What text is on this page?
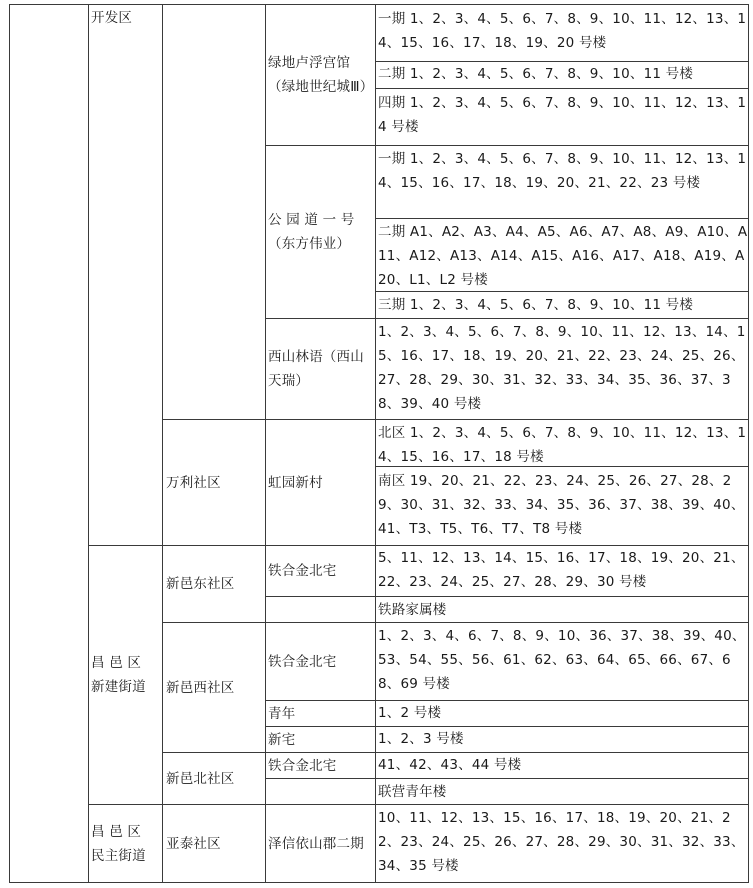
开发区
昌 邑 区
新建街道
昌 邑 区
民主街道
万利社区
新邑东社区
新邑西社区
新邑北社区
亚泰社区
绿地卢浮宫馆（绿地世纪城Ⅲ）
公 园 道 一 号（东方伟业）
西山林语（西山天瑞）
虹园新村
铁合金北宅
铁合金北宅
青年
新宅
铁合金北宅
泽信依山郡二期
一期 1、2、3、4、5、6、7、8、9、10、11、12、13、14、15、16、17、18、19、20 号楼
二期 1、2、3、4、5、6、7、8、9、10、11 号楼
四期 1、2、3、4、5、6、7、8、9、10、11、12、13、14 号楼
一期 1、2、3、4、5、6、7、8、9、10、11、12、13、14、15、16、17、18、19、20、21、22、23 号楼
二期 A1、A2、A3、A4、A5、A6、A7、A8、A9、A10、A11、A12、A13、A14、A15、A16、A17、A18、A19、A20、L1、L2 号楼
三期 1、2、3、4、5、6、7、8、9、10、11 号楼
1、2、3、4、5、6、7、8、9、10、11、12、13、14、15、16、17、18、19、20、21、22、23、24、25、26、27、28、29、30、31、32、33、34、35、36、37、38、39、40 号楼
北区 1、2、3、4、5、6、7、8、9、10、11、12、13、14、15、16、17、18 号楼
南区 19、20、21、22、23、24、25、26、27、28、29、30、31、32、33、34、35、36、37、38、39、40、41、T3、T5、T6、T7、T8 号楼
5、11、12、13、14、15、16、17、18、19、20、21、22、23、24、25、27、28、29、30 号楼
铁路家属楼
1、2、3、4、6、7、8、9、10、36、37、38、39、40、53、54、55、56、61、62、63、64、65、66、67、68、69 号楼
1、2 号楼
1、2、3 号楼
41、42、43、44 号楼
联营青年楼
10、11、12、13、15、16、17、18、19、20、21、22、23、24、25、26、27、28、29、30、31、32、33、34、35 号楼
